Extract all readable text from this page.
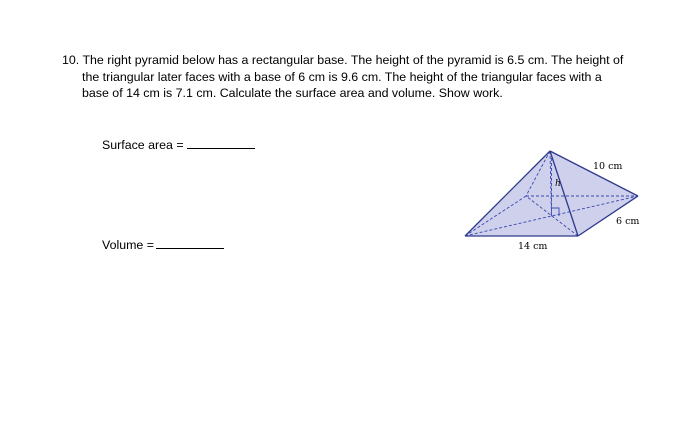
10. The right pyramid below has a rectangular base. The height of the pyramid is 6.5 cm. The height of
the triangular later faces with a base of 6 cm is 9.6 cm. The height of the triangular faces with a
base of 14 cm is 7.1 cm. Calculate the surface area and volume. Show work.
Surface area =
Volume =
10 cm
6 cm
14 cm
h
